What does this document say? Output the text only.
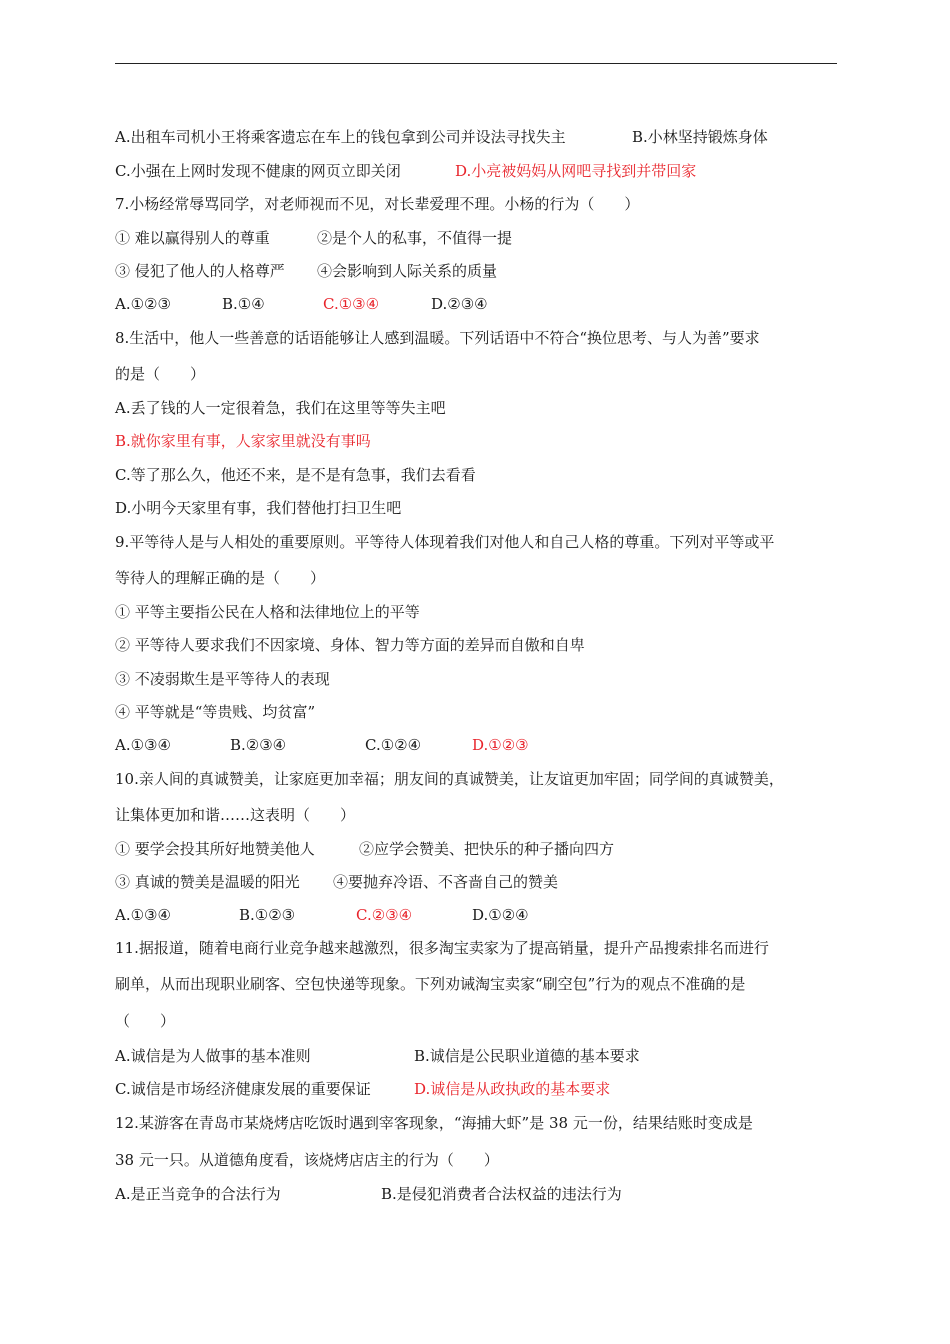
A.出租车司机小王将乘客遗忘在车上的钱包拿到公司并设法寻找失主	B.小林坚持锻炼身体
C.小强在上网时发现不健康的网页立即关闭	D.小亮被妈妈从网吧寻找到并带回家
7.小杨经常辱骂同学，对老师视而不见，对长辈爱理不理。小杨的行为（　　）
① 难以赢得别人的尊重	②是个人的私事，不值得一提
③ 侵犯了他人的人格尊严 ④会影响到人际关系的质量
A.①②③	B.①④	C.①③④	D.②③④
8.生活中，他人一些善意的话语能够让人感到温暖。下列话语中不符合“换位思考、与人为善”要求
的是（　　）
A.丢了钱的人一定很着急，我们在这里等等失主吧
B.就你家里有事，人家家里就没有事吗
C.等了那么久，他还不来，是不是有急事，我们去看看
D.小明今天家里有事，我们替他打扫卫生吧
9.平等待人是与人相处的重要原则。平等待人体现着我们对他人和自己人格的尊重。下列对平等或平
等待人的理解正确的是（　　）
① 平等主要指公民在人格和法律地位上的平等
② 平等待人要求我们不因家境、身体、智力等方面的差异而自傲和自卑
③ 不凌弱欺生是平等待人的表现
④ 平等就是“等贵贱、均贫富”
A.①③④	B.②③④	C.①②④	D.①②③
10.亲人间的真诚赞美，让家庭更加幸福；朋友间的真诚赞美，让友谊更加牢固；同学间的真诚赞美，
让集体更加和谐……这表明（　　）
① 要学会投其所好地赞美他人	②应学会赞美、把快乐的种子播向四方
③ 真诚的赞美是温暖的阳光 ④要抛弃冷语、不吝啬自己的赞美
A.①③④	B.①②③	C.②③④	D.①②④
11.据报道，随着电商行业竞争越来越激烈，很多淘宝卖家为了提高销量，提升产品搜索排名而进行
刷单，从而出现职业刷客、空包快递等现象。下列劝诫淘宝卖家“刷空包”行为的观点不准确的是
（　　）
A.诚信是为人做事的基本准则	B.诚信是公民职业道德的基本要求
C.诚信是市场经济健康发展的重要保证	D.诚信是从政执政的基本要求
12.某游客在青岛市某烧烤店吃饭时遇到宰客现象，“海捕大虾”是 38 元一份，结果结账时变成是
38 元一只。从道德角度看，该烧烤店店主的行为（　　）
A.是正当竞争的合法行为	B.是侵犯消费者合法权益的违法行为
